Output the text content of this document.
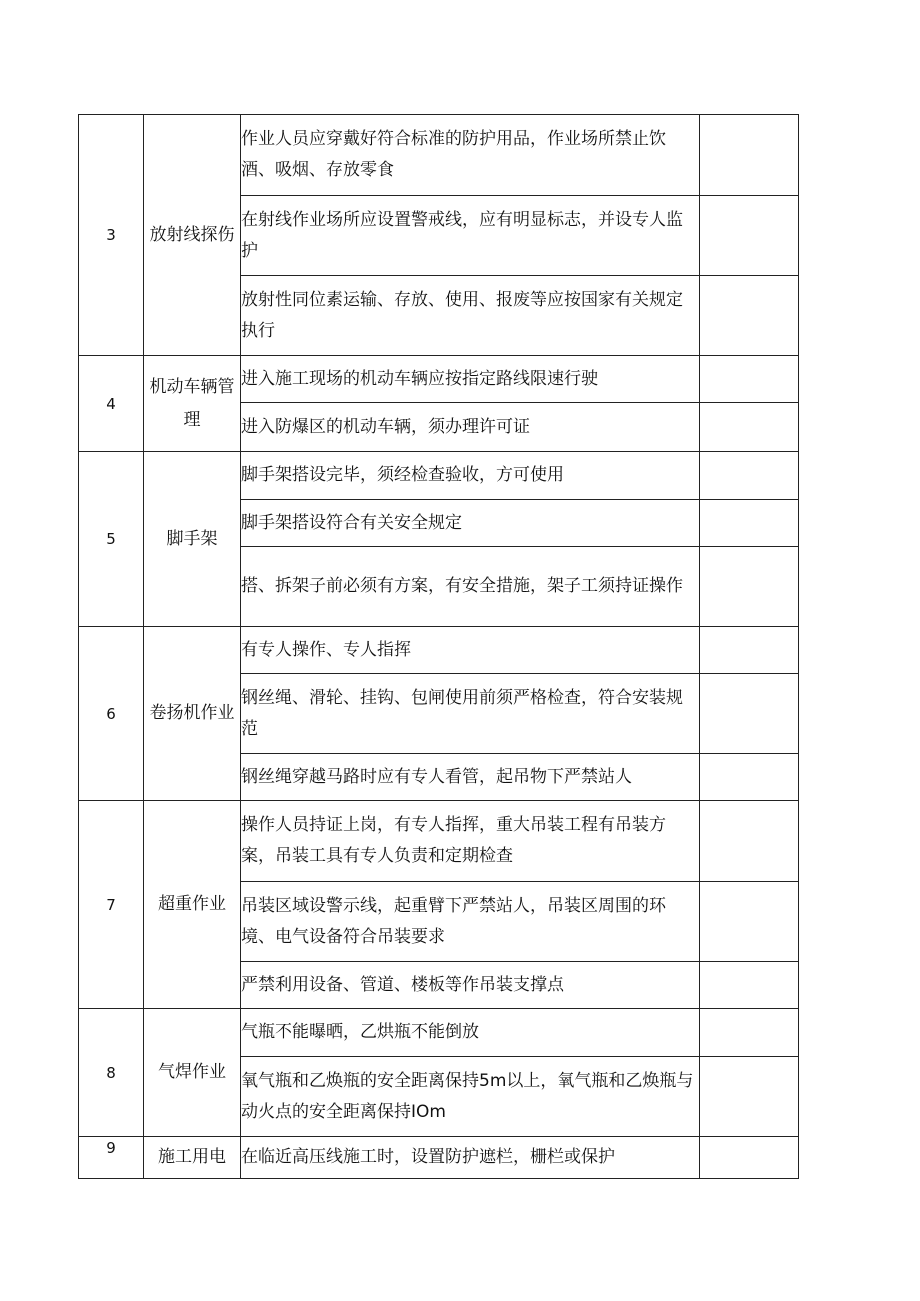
3	放射线探伤	作业人员应穿戴好符合标准的防护用品，作业场所禁止饮酒、吸烟、存放零食	
		在射线作业场所应设置警戒线，应有明显标志，并设专人监护	
		放射性同位素运输、存放、使用、报废等应按国家有关规定执行	
4	机动车辆管理	进入施工现场的机动车辆应按指定路线限速行驶	
		进入防爆区的机动车辆，须办理许可证	
5	脚手架	脚手架搭设完毕，须经检查验收，方可使用	
		脚手架搭设符合有关安全规定	
		搭、拆架子前必须有方案，有安全措施，架子工须持证操作	
6	卷扬机作业	有专人操作、专人指挥	
		钢丝绳、滑轮、挂钩、包闸使用前须严格检查，符合安装规范	
		钢丝绳穿越马路时应有专人看管，起吊物下严禁站人	
7	超重作业	操作人员持证上岗，有专人指挥，重大吊装工程有吊装方案，吊装工具有专人负责和定期检查	
		吊装区域设警示线，起重臂下严禁站人，吊装区周围的环境、电气设备符合吊装要求	
		严禁利用设备、管道、楼板等作吊装支撑点	
8	气焊作业	气瓶不能曝晒，乙烘瓶不能倒放	
		氧气瓶和乙焕瓶的安全距离保持5m以上，氧气瓶和乙焕瓶与动火点的安全距离保持IOm	
9	施工用电	在临近高压线施工时，设置防护遮栏，栅栏或保护	
